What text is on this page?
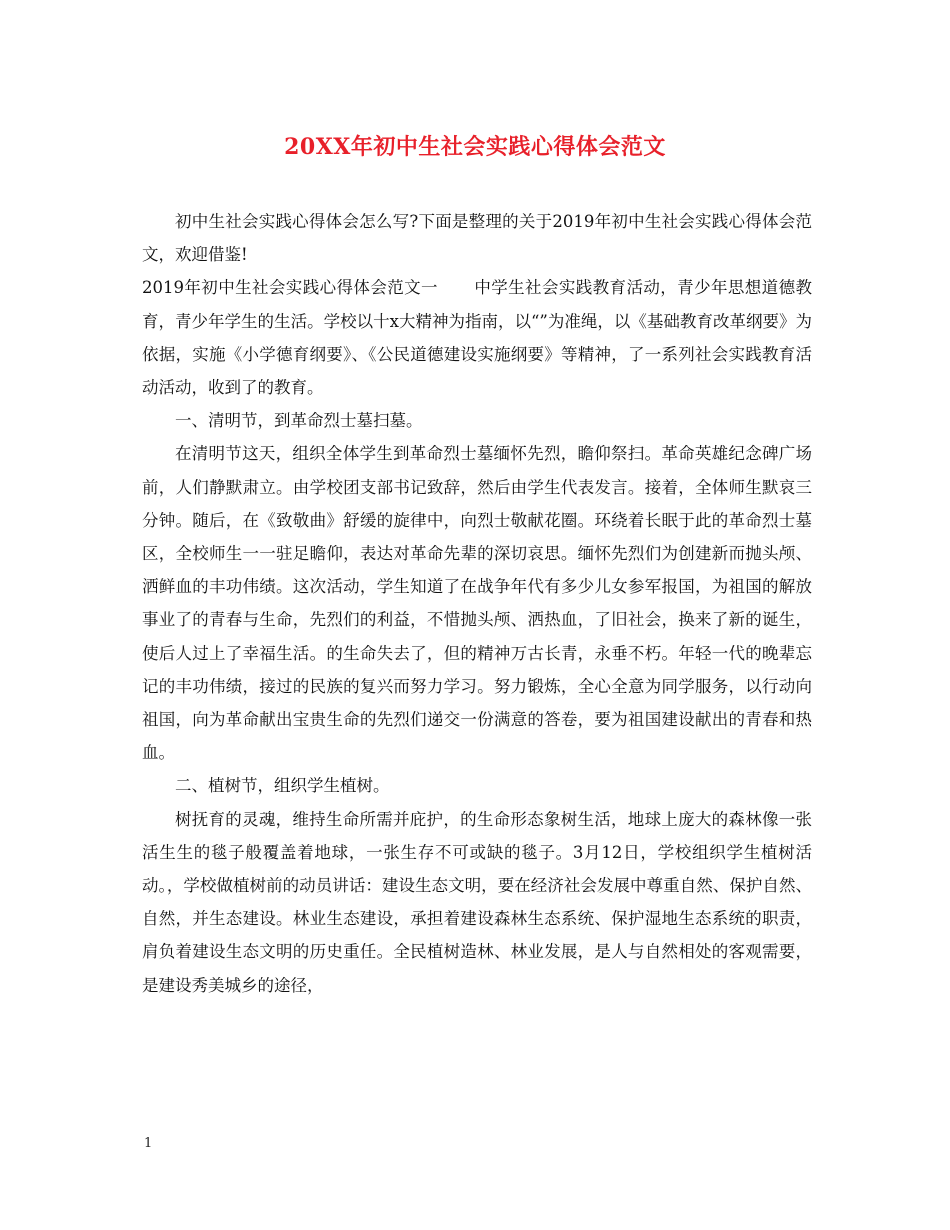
20XX年初中生社会实践心得体会范文

初中生社会实践心得体会怎么写?下面是整理的关于2019年初中生社会实践心得体会范文，欢迎借鉴!

2019年初中生社会实践心得体会范文一 中学生社会实践教育活动，青少年思想道德教育，青少年学生的生活。学校以十x大精神为指南，以“”为准绳，以《基础教育改革纲要》为依据，实施《小学德育纲要》、《公民道德建设实施纲要》等精神，了一系列社会实践教育活动活动，收到了的教育。

一、清明节，到革命烈士墓扫墓。

在清明节这天，组织全体学生到革命烈士墓缅怀先烈，瞻仰祭扫。革命英雄纪念碑广场前，人们静默肃立。由学校团支部书记致辞，然后由学生代表发言。接着，全体师生默哀三分钟。随后，在《致敬曲》舒缓的旋律中，向烈士敬献花圈。环绕着长眠于此的革命烈士墓区，全校师生一一驻足瞻仰，表达对革命先辈的深切哀思。缅怀先烈们为创建新而抛头颅、洒鲜血的丰功伟绩。这次活动，学生知道了在战争年代有多少儿女参军报国，为祖国的解放事业了的青春与生命，先烈们的利益，不惜抛头颅、洒热血，了旧社会，换来了新的诞生，使后人过上了幸福生活。的生命失去了，但的精神万古长青，永垂不朽。年轻一代的晚辈忘记的丰功伟绩，接过的民族的复兴而努力学习。努力锻炼，全心全意为同学服务，以行动向祖国，向为革命献出宝贵生命的先烈们递交一份满意的答卷，要为祖国建设献出的青春和热血。

二、植树节，组织学生植树。

树抚育的灵魂，维持生命所需并庇护，的生命形态象树生活，地球上庞大的森林像一张活生生的毯子般覆盖着地球，一张生存不可或缺的毯子。3月12日，学校组织学生植树活动。，学校做植树前的动员讲话：建设生态文明，要在经济社会发展中尊重自然、保护自然、自然，并生态建设。林业生态建设，承担着建设森林生态系统、保护湿地生态系统的职责，肩负着建设生态文明的历史重任。全民植树造林、林业发展，是人与自然相处的客观需要，是建设秀美城乡的途径，

1
